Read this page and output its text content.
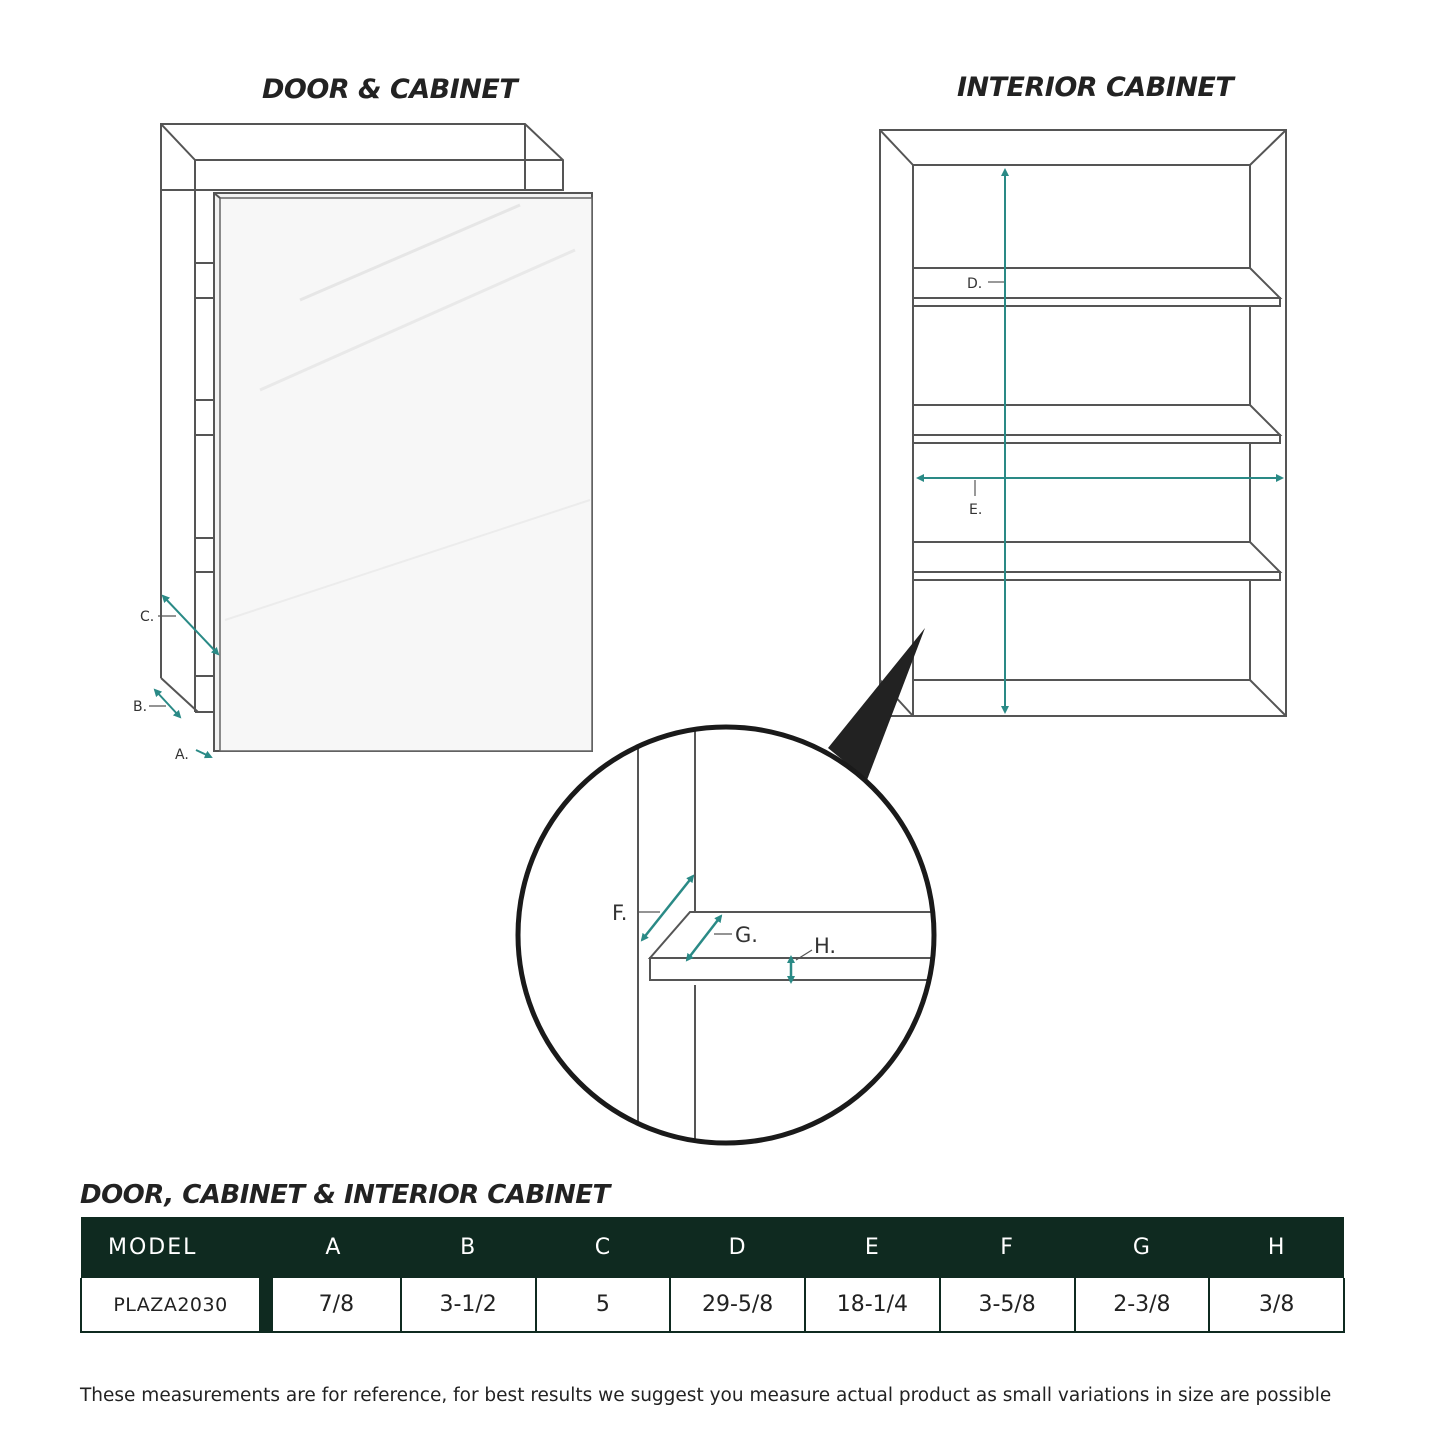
DOOR & CABINET	INTERIOR CABINET
C.
B.
A.
D.
E.
F.
G.	H.
DOOR, CABINET & INTERIOR CABINET
MODEL	A	B	C	D	E	F	G	H
PLAZA2030	7/8	3-1/2	5	29-5/8	18-1/4	3-5/8	2-3/8	3/8

These measurements are for reference, for best results we suggest you measure actual product as small variations in size are possible
